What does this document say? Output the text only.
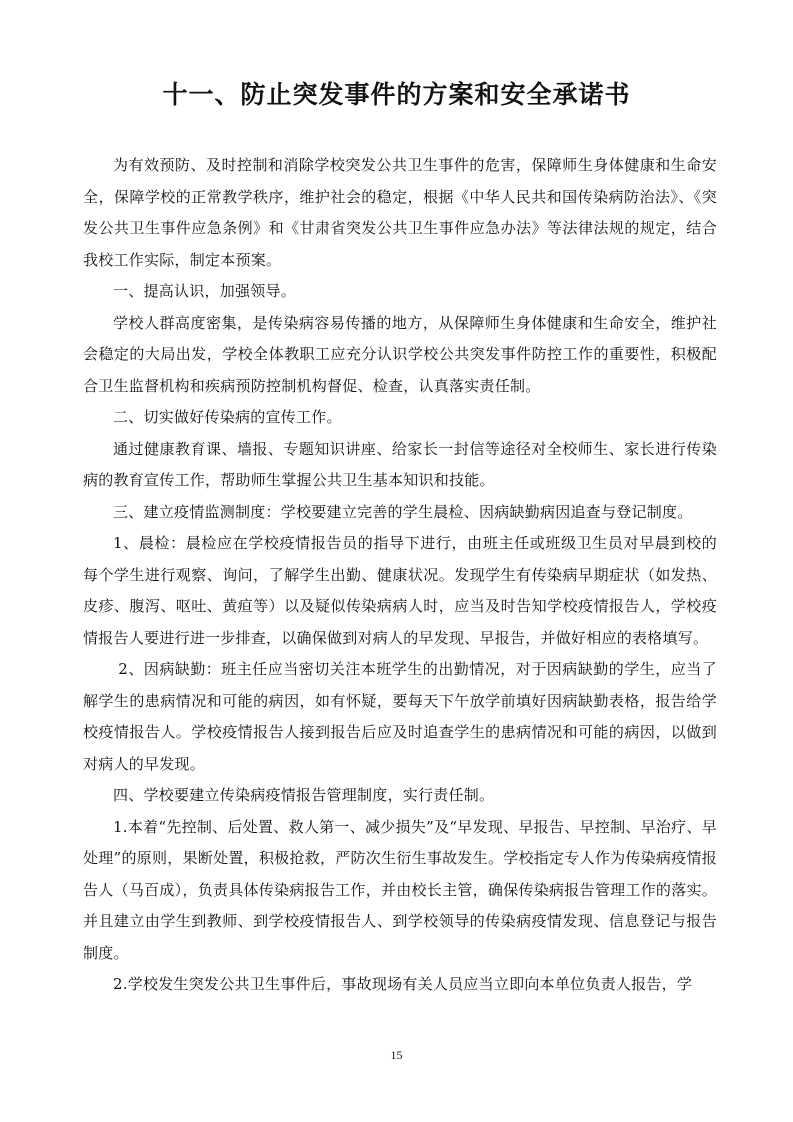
十一、防止突发事件的方案和安全承诺书

为有效预防、及时控制和消除学校突发公共卫生事件的危害，保障师生身体健康和生命安全，保障学校的正常教学秩序，维护社会的稳定，根据《中华人民共和国传染病防治法》、《突发公共卫生事件应急条例》和《甘肃省突发公共卫生事件应急办法》等法律法规的规定，结合我校工作实际，制定本预案。

一、提高认识，加强领导。

学校人群高度密集，是传染病容易传播的地方，从保障师生身体健康和生命安全，维护社会稳定的大局出发，学校全体教职工应充分认识学校公共突发事件防控工作的重要性，积极配合卫生监督机构和疾病预防控制机构督促、检查，认真落实责任制。

二、切实做好传染病的宣传工作。

通过健康教育课、墙报、专题知识讲座、给家长一封信等途径对全校师生、家长进行传染病的教育宣传工作，帮助师生掌握公共卫生基本知识和技能。

三、建立疫情监测制度：学校要建立完善的学生晨检、因病缺勤病因追查与登记制度。

1、晨检：晨检应在学校疫情报告员的指导下进行，由班主任或班级卫生员对早晨到校的每个学生进行观察、询问，了解学生出勤、健康状况。发现学生有传染病早期症状（如发热、皮疹、腹泻、呕吐、黄疸等）以及疑似传染病病人时，应当及时告知学校疫情报告人，学校疫情报告人要进行进一步排查，以确保做到对病人的早发现、早报告，并做好相应的表格填写。

2、因病缺勤：班主任应当密切关注本班学生的出勤情况，对于因病缺勤的学生，应当了解学生的患病情况和可能的病因，如有怀疑，要每天下午放学前填好因病缺勤表格，报告给学校疫情报告人。学校疫情报告人接到报告后应及时追查学生的患病情况和可能的病因，以做到对病人的早发现。

四、学校要建立传染病疫情报告管理制度，实行责任制。

1.本着“先控制、后处置、救人第一、减少损失”及“早发现、早报告、早控制、早治疗、早处理”的原则，果断处置，积极抢救，严防次生衍生事故发生。学校指定专人作为传染病疫情报告人（马百成），负责具体传染病报告工作，并由校长主管，确保传染病报告管理工作的落实。并且建立由学生到教师、到学校疫情报告人、到学校领导的传染病疫情发现、信息登记与报告制度。

2.学校发生突发公共卫生事件后，事故现场有关人员应当立即向本单位负责人报告，学

15
